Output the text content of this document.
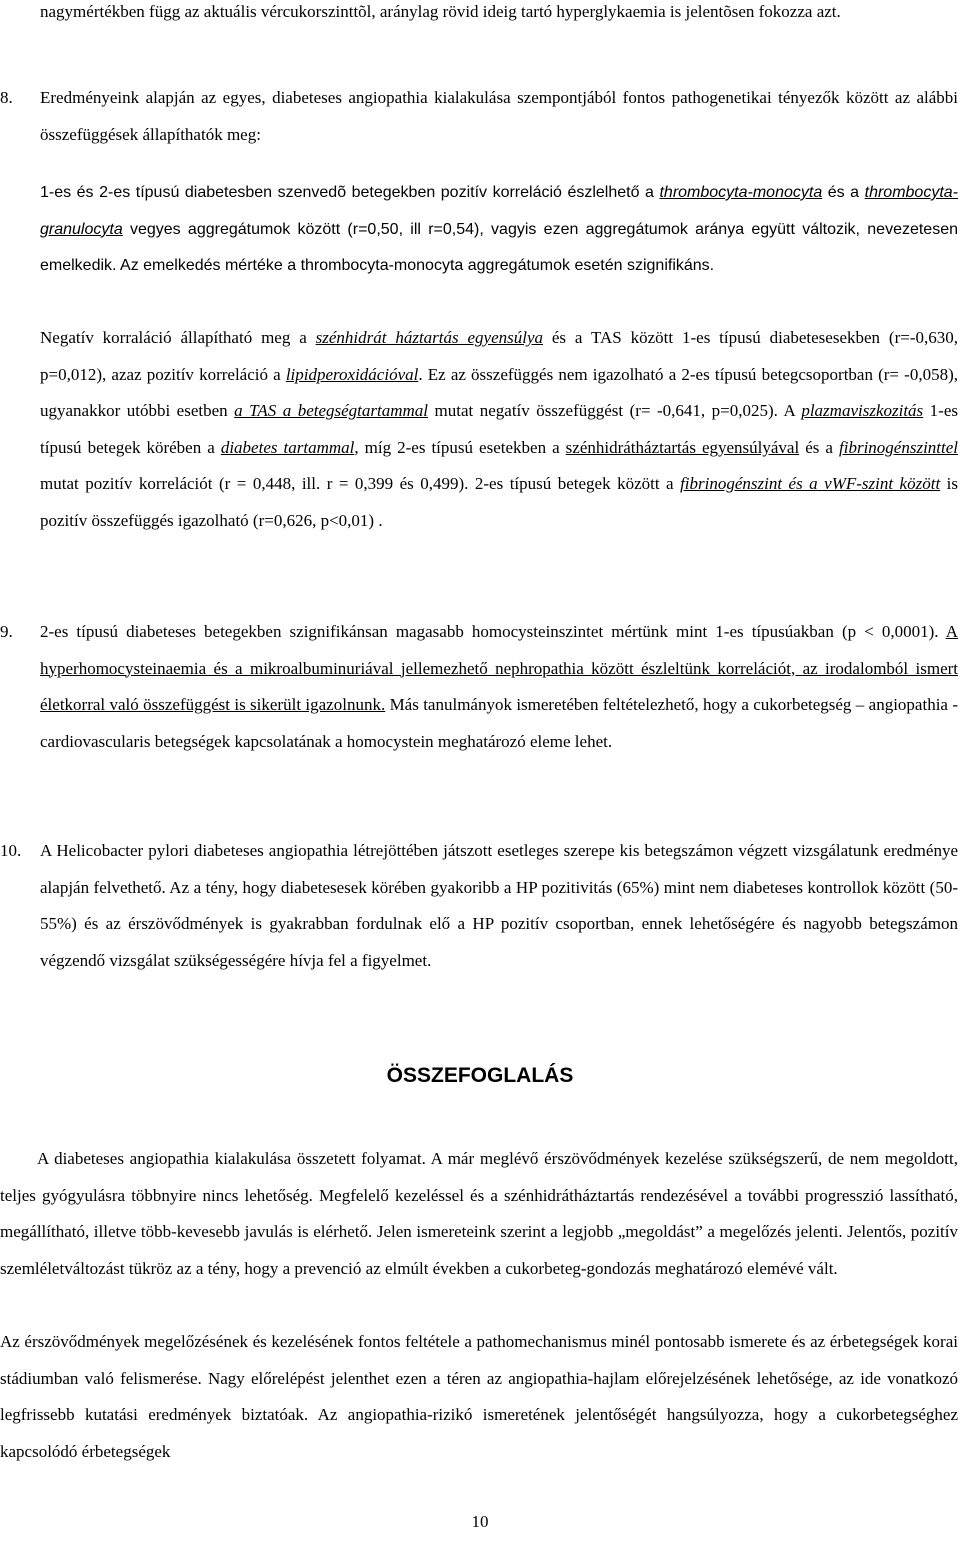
nagymértékben függ az aktuális vércukorszinttõl, aránylag rövid ideig tartó hyperglykaemia is jelentõsen fokozza azt.
8. Eredményeink alapján az egyes, diabeteses angiopathia kialakulása szempontjából fontos pathogenetikai tényezők között az alábbi összefüggések állapíthatók meg:
1-es és 2-es típusú diabetesben szenvedõ betegekben pozitív korreláció észlelhető a thrombocyta-monocyta és a thrombocyta-granulocyta vegyes aggregátumok között (r=0,50, ill r=0,54), vagyis ezen aggregátumok aránya együtt változik, nevezetesen emelkedik. Az emelkedés mértéke a thrombocyta-monocyta aggregátumok esetén szignifikáns.
Negatív korraláció állapítható meg a szénhidrát háztartás egyensúlya és a TAS között 1-es típusú diabetesesekben (r=-0,630, p=0,012), azaz pozitív korreláció a lipidperoxidációval. Ez az összefüggés nem igazolható a 2-es típusú betegcsoportban (r= -0,058), ugyanakkor utóbbi esetben a TAS a betegségtartammal mutat negatív összefüggést (r= -0,641, p=0,025). A plazmaviszkozitás 1-es típusú betegek körében a diabetes tartammal, míg 2-es típusú esetekben a szénhidrátháztartás egyensúlyával és a fibrinogénszinttel mutat pozitív korrelációt (r = 0,448, ill. r = 0,399 és 0,499). 2-es típusú betegek között a fibrinogénszint és a vWF-szint között is pozitív összefüggés igazolható (r=0,626, p<0,01) .
9. 2-es típusú diabeteses betegekben szignifikánsan magasabb homocysteinszintet mértünk mint 1-es típusúakban (p < 0,0001). A hyperhomocysteinaemia és a mikroalbuminuriával jellemezhető nephropathia között észleltünk korrelációt, az irodalomból ismert életkorral való összefüggést is sikerült igazolnunk. Más tanulmányok ismeretében feltételezhető, hogy a cukorbetegség – angiopathia - cardiovascularis betegségek kapcsolatának a homocystein meghatározó eleme lehet.
10. A Helicobacter pylori diabeteses angiopathia létrejöttében játszott esetleges szerepe kis betegszámon végzett vizsgálatunk eredménye alapján felvethető. Az a tény, hogy diabetesesek körében gyakoribb a HP pozitivitás (65%) mint nem diabeteses kontrollok között (50-55%) és az érszövődmények is gyakrabban fordulnak elő a HP pozitív csoportban, ennek lehetőségére és nagyobb betegszámon végzendő vizsgálat szükségességére hívja fel a figyelmet.
ÖSSZEFOGLALÁS
A diabeteses angiopathia kialakulása összetett folyamat. A már meglévő érszövődmények kezelése szükségszerű, de nem megoldott, teljes gyógyulásra többnyire nincs lehetőség. Megfelelő kezeléssel és a szénhidrátháztartás rendezésével a további progresszió lassítható, megállítható, illetve több-kevesebb javulás is elérhető. Jelen ismereteink szerint a legjobb „megoldást” a megelőzés jelenti. Jelentős, pozitív szemléletváltozást tükröz az a tény, hogy a prevenció az elmúlt években a cukorbeteg-gondozás meghatározó elemévé vált.
Az érszövődmények megelőzésének és kezelésének fontos feltétele a pathomechanismus minél pontosabb ismerete és az érbetegségek korai stádiumban való felismerése. Nagy előrelépést jelenthet ezen a téren az angiopathia-hajlam előrejelzésének lehetősége, az ide vonatkozó legfrissebb kutatási eredmények biztatóak. Az angiopathia-rizikó ismeretének jelentőségét hangsúlyozza, hogy a cukorbetegséghez kapcsolódó érbetegségek
10
